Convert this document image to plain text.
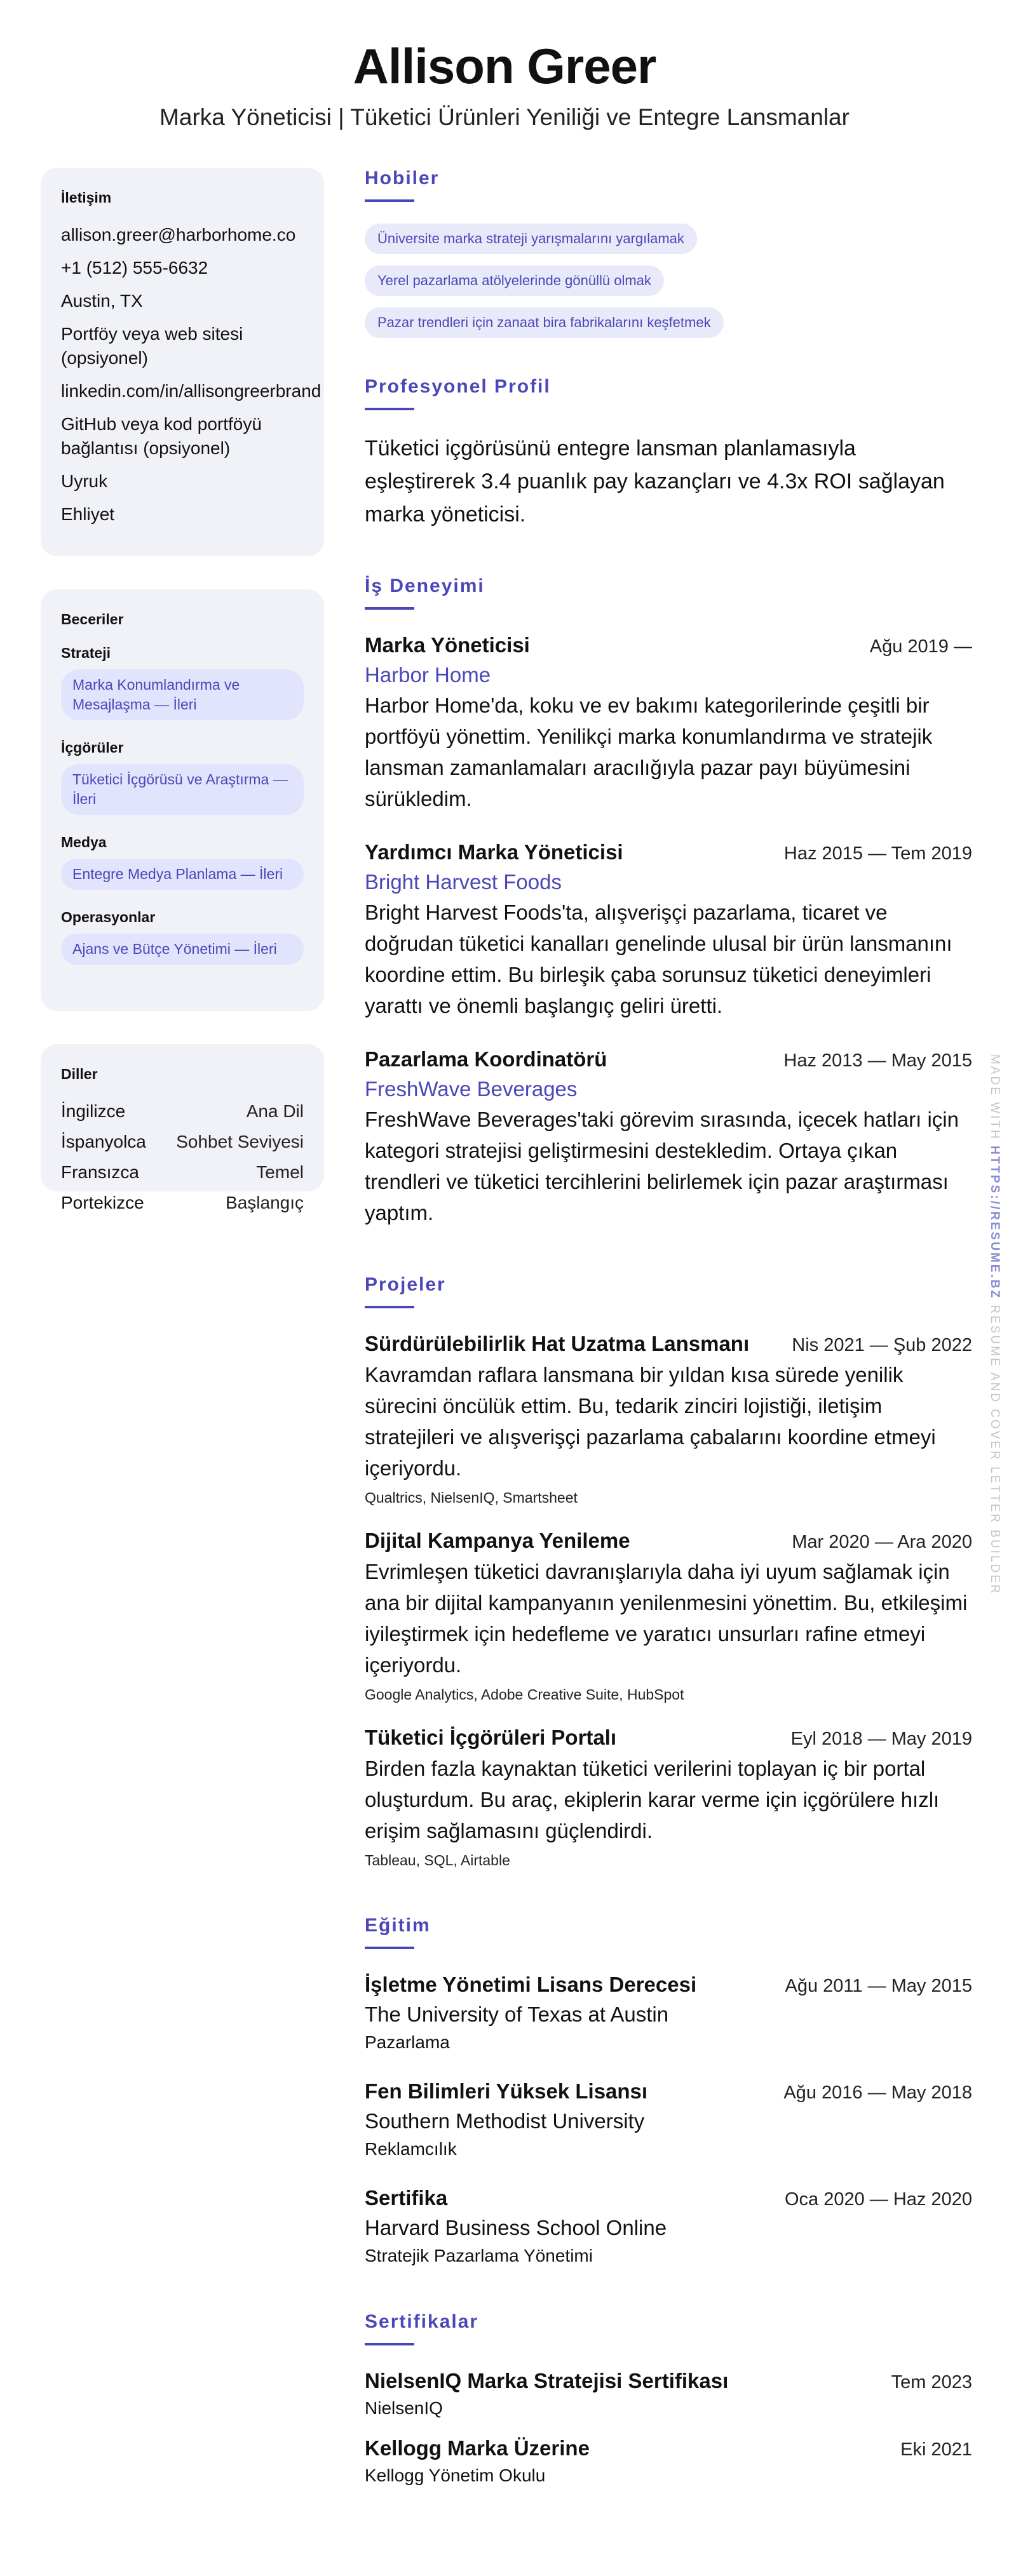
Allison Greer
Marka Yöneticisi | Tüketici Ürünleri Yeniliği ve Entegre Lansmanlar
İletişim
allison.greer@harborhome.co
+1 (512) 555-6632
Austin, TX
Portföy veya web sitesi (opsiyonel)
linkedin.com/in/allisongreerbrand
GitHub veya kod portföyü bağlantısı (opsiyonel)
Uyruk
Ehliyet
Beceriler
Strateji
Marka Konumlandırma ve Mesajlaşma — İleri
İçgörüler
Tüketici İçgörüsü ve Araştırma — İleri
Medya
Entegre Medya Planlama — İleri
Operasyonlar
Ajans ve Bütçe Yönetimi — İleri
Diller
İngilizce	Ana Dil
İspanyolca Sohbet Seviyesi
Fransızca	Temel
Portekizce	Başlangıç
Hobiler
Üniversite marka strateji yarışmalarını yargılamak
Yerel pazarlama atölyelerinde gönüllü olmak
Pazar trendleri için zanaat bira fabrikalarını keşfetmek
Profesyonel Profil
Tüketici içgörüsünü entegre lansman planlamasıyla eşleştirerek 3.4 puanlık pay kazançları ve 4.3x ROI sağlayan marka yöneticisi.
İş Deneyimi
Marka Yöneticisi	Ağu 2019 —
Harbor Home
Harbor Home'da, koku ve ev bakımı kategorilerinde çeşitli bir portföyü yönettim. Yenilikçi marka konumlandırma ve stratejik lansman zamanlamaları aracılığıyla pazar payı büyümesini sürükledim.
Yardımcı Marka Yöneticisi	Haz 2015 — Tem 2019
Bright Harvest Foods
Bright Harvest Foods'ta, alışverişçi pazarlama, ticaret ve doğrudan tüketici kanalları genelinde ulusal bir ürün lansmanını koordine ettim. Bu birleşik çaba sorunsuz tüketici deneyimleri yarattı ve önemli başlangıç geliri üretti.
Pazarlama Koordinatörü	Haz 2013 — May 2015
FreshWave Beverages
FreshWave Beverages'taki görevim sırasında, içecek hatları için kategori stratejisi geliştirmesini destekledim. Ortaya çıkan trendleri ve tüketici tercihlerini belirlemek için pazar araştırması yaptım.
Projeler
Sürdürülebilirlik Hat Uzatma Lansmanı Nis 2021 — Şub 2022
Kavramdan raflara lansmana bir yıldan kısa sürede yenilik sürecini öncülük ettim. Bu, tedarik zinciri lojistiği, iletişim stratejileri ve alışverişçi pazarlama çabalarını koordine etmeyi içeriyordu.
Qualtrics, NielsenIQ, Smartsheet
Dijital Kampanya Yenileme	Mar 2020 — Ara 2020
Evrimleşen tüketici davranışlarıyla daha iyi uyum sağlamak için ana bir dijital kampanyanın yenilenmesini yönettim. Bu, etkileşimi iyileştirmek için hedefleme ve yaratıcı unsurları rafine etmeyi içeriyordu.
Google Analytics, Adobe Creative Suite, HubSpot
Tüketici İçgörüleri Portalı	Eyl 2018 — May 2019
Birden fazla kaynaktan tüketici verilerini toplayan iç bir portal oluşturdum. Bu araç, ekiplerin karar verme için içgörülere hızlı erişim sağlamasını güçlendirdi.
Tableau, SQL, Airtable
Eğitim
İşletme Yönetimi Lisans Derecesi	Ağu 2011 — May 2015
The University of Texas at Austin
Pazarlama
Fen Bilimleri Yüksek Lisansı	Ağu 2016 — May 2018
Southern Methodist University
Reklamcılık
Sertifika	Oca 2020 — Haz 2020
Harvard Business School Online
Stratejik Pazarlama Yönetimi
Sertifikalar
NielsenIQ Marka Stratejisi Sertifikası	Tem 2023
NielsenIQ
Kellogg Marka Üzerine	Eki 2021
Kellogg Yönetim Okulu
MADE WITH HTTPS://RESUME.BZ RESUME AND COVER LETTER BUILDER
